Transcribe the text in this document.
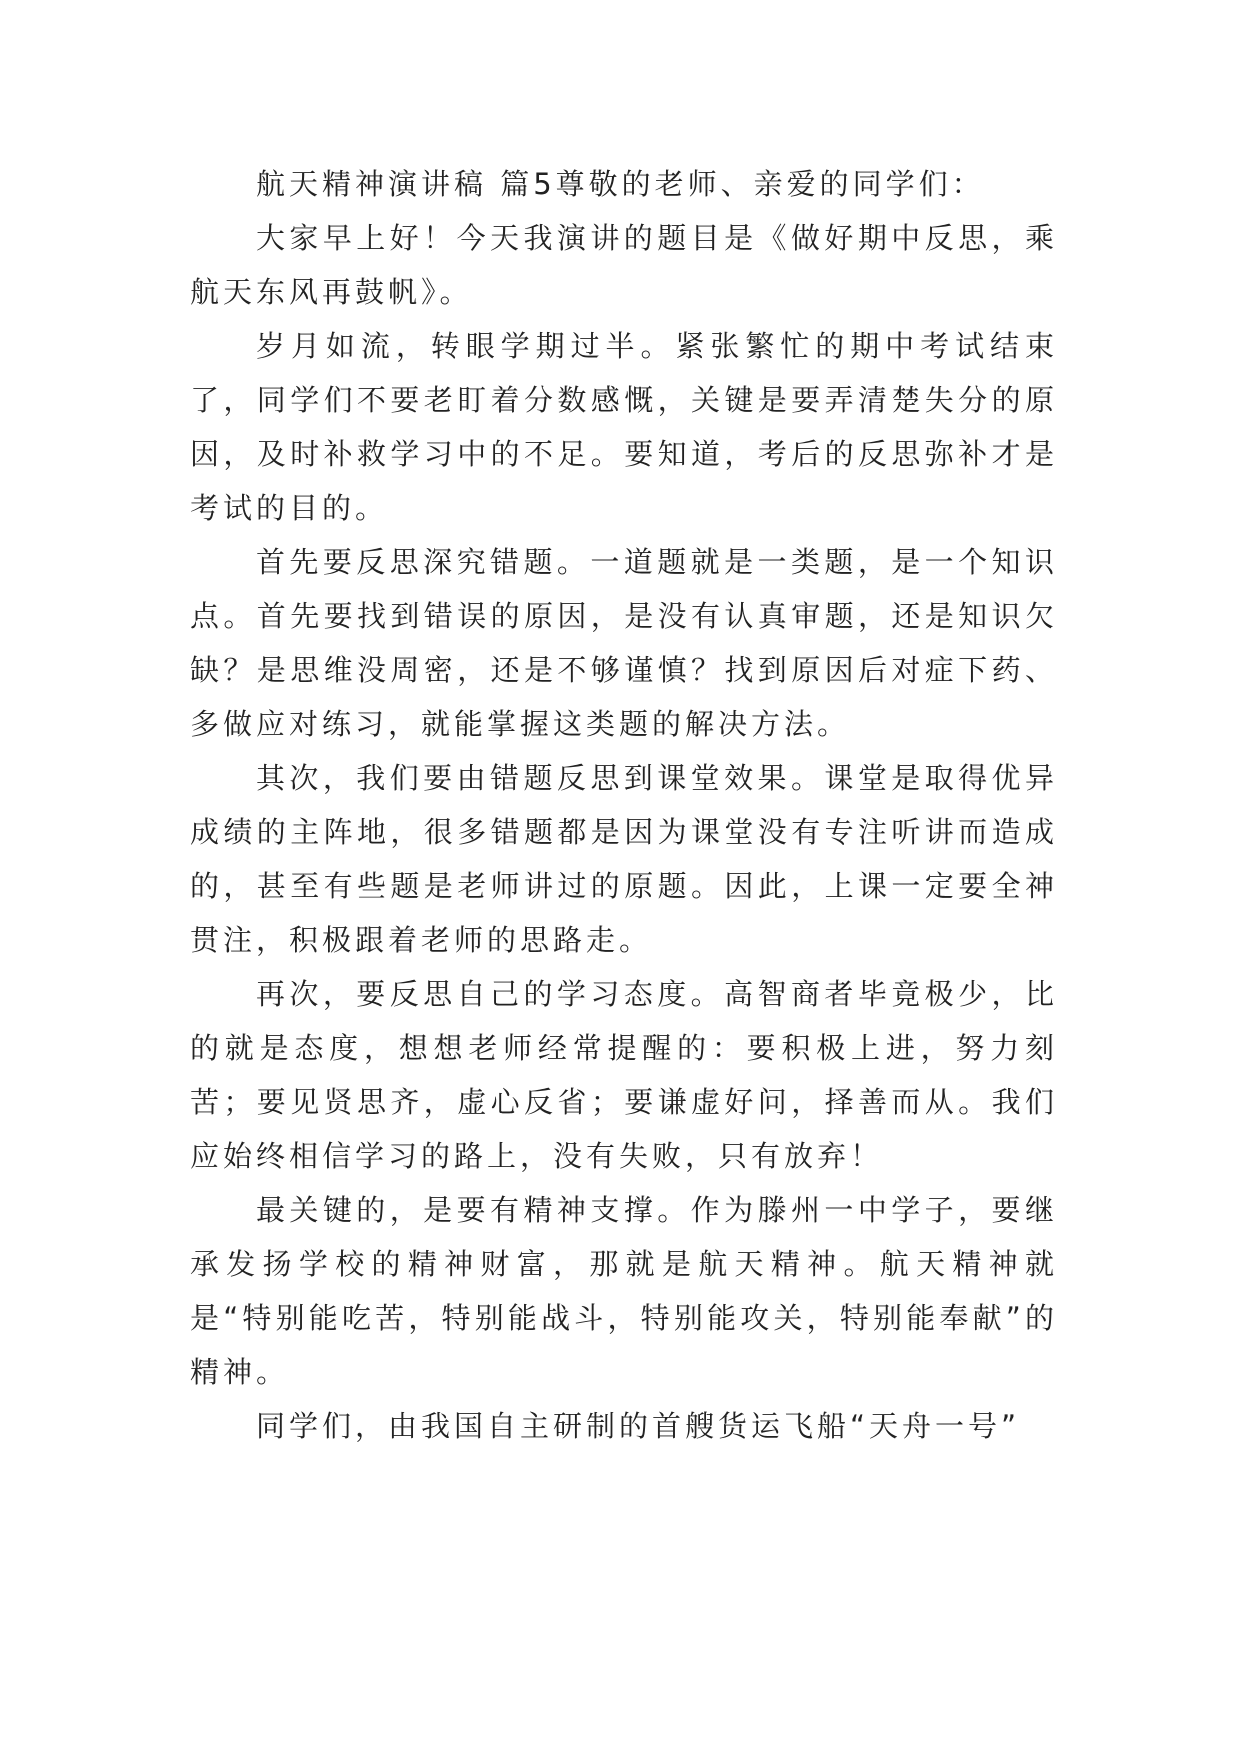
航天精神演讲稿 篇5尊敬的老师、亲爱的同学们：

大家早上好！今天我演讲的题目是《做好期中反思，乘航天东风再鼓帆》。

岁月如流，转眼学期过半。紧张繁忙的期中考试结束了，同学们不要老盯着分数感慨，关键是要弄清楚失分的原因，及时补救学习中的不足。要知道，考后的反思弥补才是考试的目的。

首先要反思深究错题。一道题就是一类题，是一个知识点。首先要找到错误的原因，是没有认真审题，还是知识欠缺？是思维没周密，还是不够谨慎？找到原因后对症下药、多做应对练习，就能掌握这类题的解决方法。

其次，我们要由错题反思到课堂效果。课堂是取得优异成绩的主阵地，很多错题都是因为课堂没有专注听讲而造成的，甚至有些题是老师讲过的原题。因此，上课一定要全神贯注，积极跟着老师的思路走。

再次，要反思自己的学习态度。高智商者毕竟极少，比的就是态度，想想老师经常提醒的：要积极上进，努力刻苦；要见贤思齐，虚心反省；要谦虚好问，择善而从。我们应始终相信学习的路上，没有失败，只有放弃！

最关键的，是要有精神支撑。作为滕州一中学子，要继承发扬学校的精神财富，那就是航天精神。航天精神就是“特别能吃苦，特别能战斗，特别能攻关，特别能奉献”的精神。

同学们，由我国自主研制的首艘货运飞船“天舟一号”
